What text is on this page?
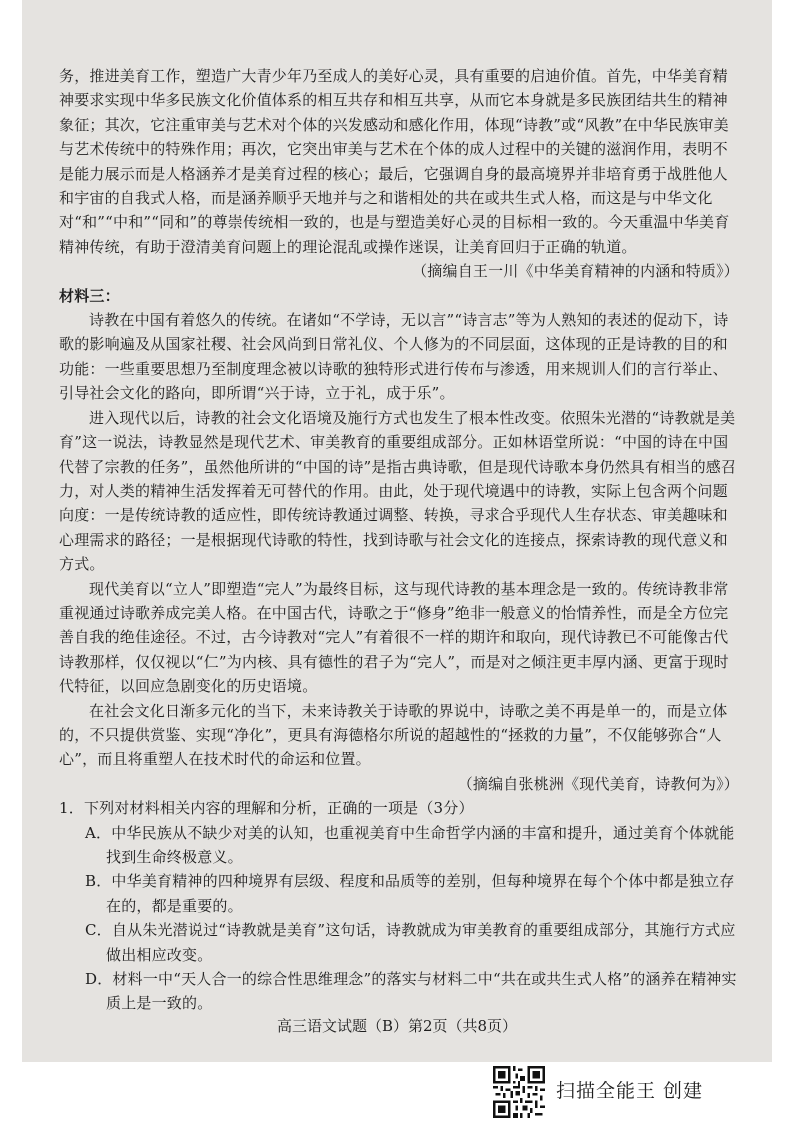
务，推进美育工作，塑造广大青少年乃至成人的美好心灵，具有重要的启迪价值。首先，中华美育精神要求实现中华多民族文化价值体系的相互共存和相互共享，从而它本身就是多民族团结共生的精神象征；其次，它注重审美与艺术对个体的兴发感动和感化作用，体现“诗教”或“风教”在中华民族审美与艺术传统中的特殊作用；再次，它突出审美与艺术在个体的成人过程中的关键的滋润作用，表明不是能力展示而是人格涵养才是美育过程的核心；最后，它强调自身的最高境界并非培育勇于战胜他人和宇宙的自我式人格，而是涵养顺乎天地并与之和谐相处的共在或共生式人格，而这是与中华文化对“和”“中和”“同和”的尊崇传统相一致的，也是与塑造美好心灵的目标相一致的。今天重温中华美育精神传统，有助于澄清美育问题上的理论混乱或操作迷误，让美育回归于正确的轨道。

（摘编自王一川《中华美育精神的内涵和特质》）

材料三：

诗教在中国有着悠久的传统。在诸如“不学诗，无以言”“诗言志”等为人熟知的表述的促动下，诗歌的影响遍及从国家社稷、社会风尚到日常礼仪、个人修为的不同层面，这体现的正是诗教的目的和功能：一些重要思想乃至制度理念被以诗歌的独特形式进行传布与渗透，用来规训人们的言行举止、引导社会文化的路向，即所谓“兴于诗，立于礼，成于乐”。

进入现代以后，诗教的社会文化语境及施行方式也发生了根本性改变。依照朱光潜的“诗教就是美育”这一说法，诗教显然是现代艺术、审美教育的重要组成部分。正如林语堂所说：“中国的诗在中国代替了宗教的任务”，虽然他所讲的“中国的诗”是指古典诗歌，但是现代诗歌本身仍然具有相当的感召力，对人类的精神生活发挥着无可替代的作用。由此，处于现代境遇中的诗教，实际上包含两个问题向度：一是传统诗教的适应性，即传统诗教通过调整、转换，寻求合乎现代人生存状态、审美趣味和心理需求的路径；一是根据现代诗歌的特性，找到诗歌与社会文化的连接点，探索诗教的现代意义和方式。

现代美育以“立人”即塑造“完人”为最终目标，这与现代诗教的基本理念是一致的。传统诗教非常重视通过诗歌养成完美人格。在中国古代，诗歌之于“修身”绝非一般意义的怡情养性，而是全方位完善自我的绝佳途径。不过，古今诗教对“完人”有着很不一样的期许和取向，现代诗教已不可能像古代诗教那样，仅仅视以“仁”为内核、具有德性的君子为“完人”，而是对之倾注更丰厚内涵、更富于现时代特征，以回应急剧变化的历史语境。

在社会文化日渐多元化的当下，未来诗教关于诗歌的界说中，诗歌之美不再是单一的，而是立体的，不只提供赏鉴、实现“净化”，更具有海德格尔所说的超越性的“拯救的力量”，不仅能够弥合“人心”，而且将重塑人在技术时代的命运和位置。

（摘编自张桃洲《现代美育，诗教何为》）

1．下列对材料相关内容的理解和分析，正确的一项是（3分）

A．中华民族从不缺少对美的认知，也重视美育中生命哲学内涵的丰富和提升，通过美育个体就能找到生命终极意义。

B．中华美育精神的四种境界有层级、程度和品质等的差别，但每种境界在每个个体中都是独立存在的，都是重要的。

C．自从朱光潜说过“诗教就是美育”这句话，诗教就成为审美教育的重要组成部分，其施行方式应做出相应改变。

D．材料一中“天人合一的综合性思维理念”的落实与材料二中“共在或共生式人格”的涵养在精神实质上是一致的。

高三语文试题（B）第2页（共8页）
扫描全能王 创建
